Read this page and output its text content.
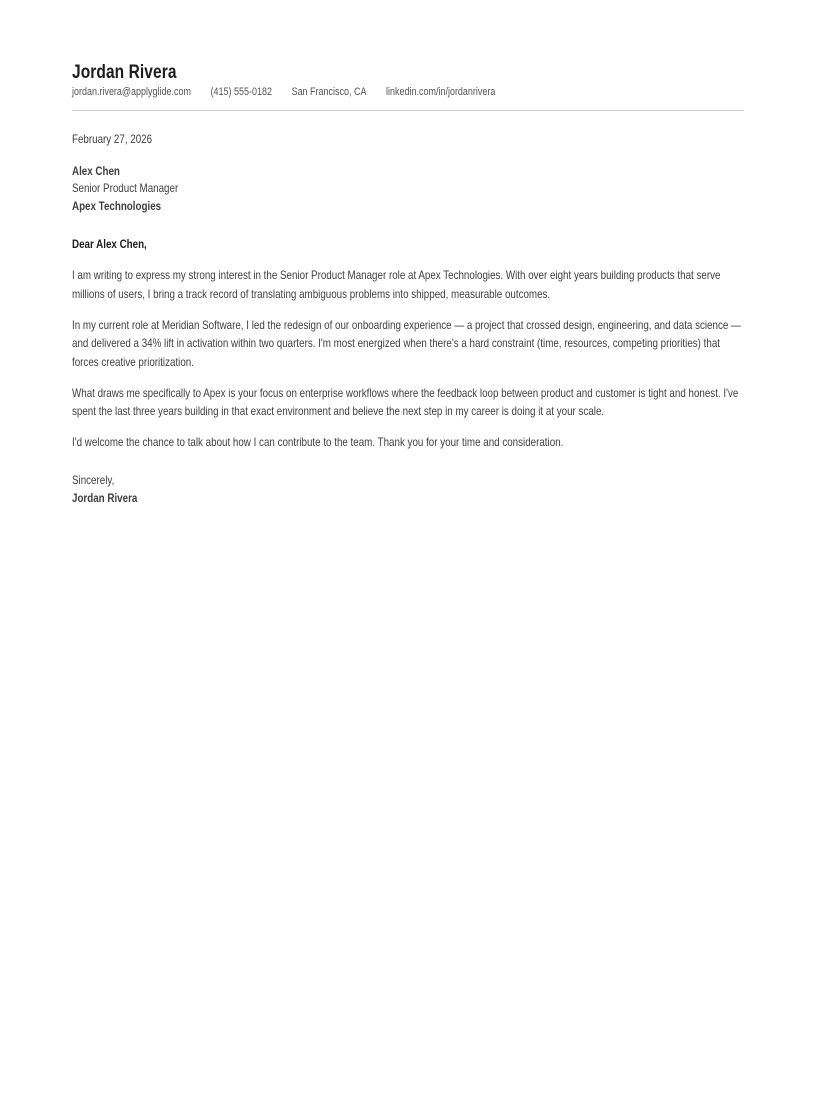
Jordan Rivera
jordan.rivera@applyglide.com (415) 555-0182 San Francisco, CA linkedin.com/in/jordanrivera

February 27, 2026

Alex Chen

Senior Product Manager

Apex Technologies

Dear Alex Chen,

I am writing to express my strong interest in the Senior Product Manager role at Apex Technologies. With over eight years building products that serve millions of users, I bring a track record of translating ambiguous problems into shipped, measurable outcomes.

In my current role at Meridian Software, I led the redesign of our onboarding experience — a project that crossed design, engineering, and data science — and delivered a 34% lift in activation within two quarters. I'm most energized when there's a hard constraint (time, resources, competing priorities) that forces creative prioritization.

What draws me specifically to Apex is your focus on enterprise workflows where the feedback loop between product and customer is tight and honest. I've spent the last three years building in that exact environment and believe the next step in my career is doing it at your scale.

I'd welcome the chance to talk about how I can contribute to the team. Thank you for your time and consideration.

Sincerely,

Jordan Rivera
